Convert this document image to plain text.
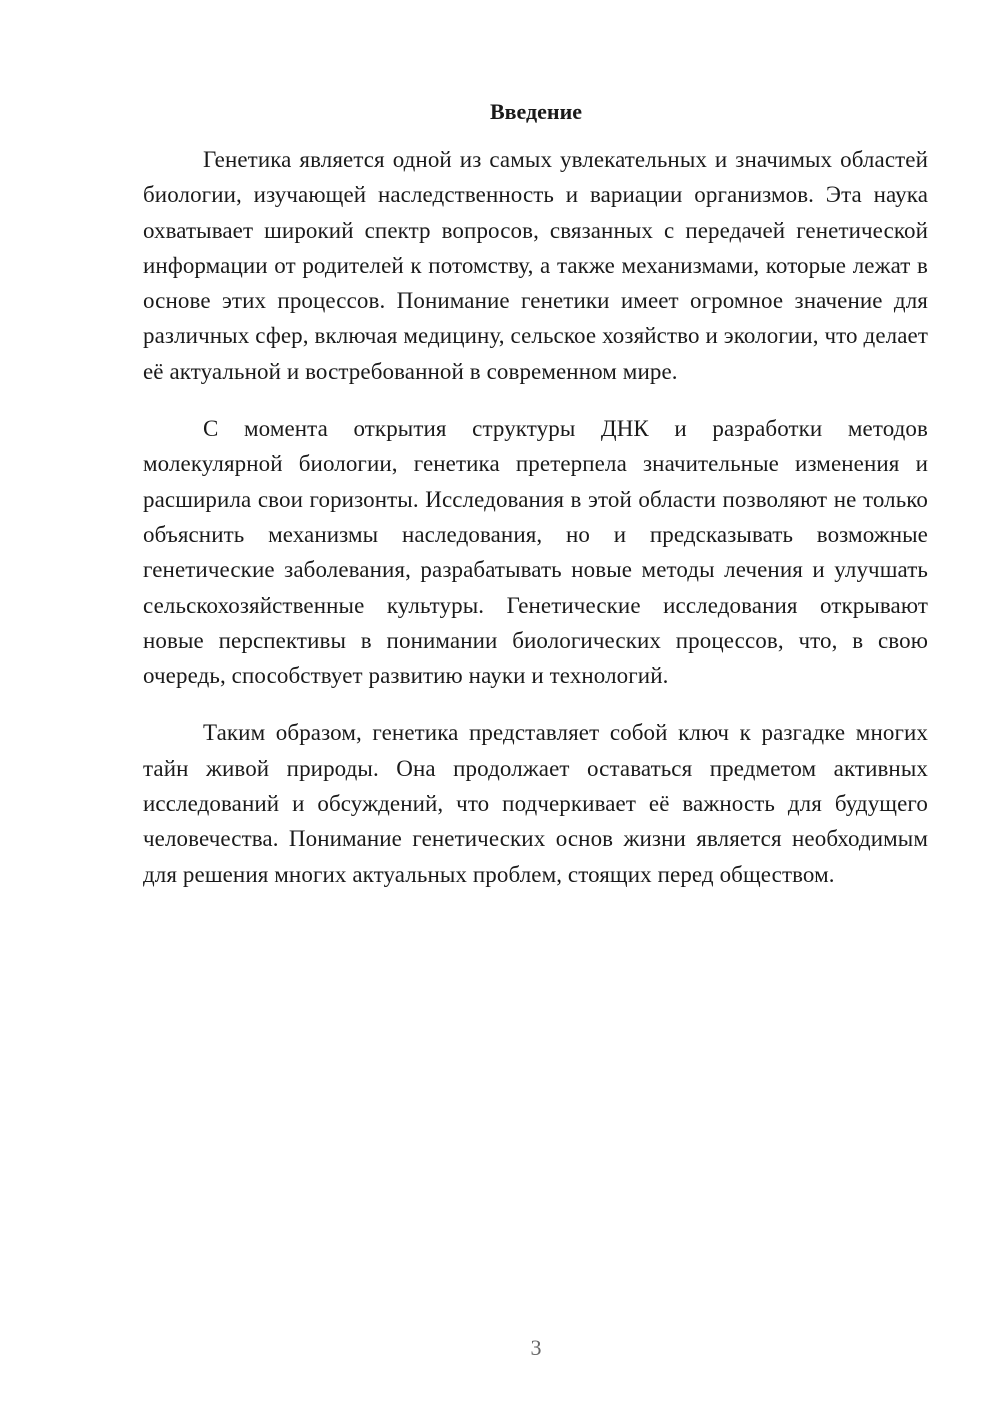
Введение

Генетика является одной из самых увлекательных и значимых областей биологии, изучающей наследственность и вариации организмов. Эта наука охватывает широкий спектр вопросов, связанных с передачей генетической информации от родителей к потомству, а также механизмами, которые лежат в основе этих процессов. Понимание генетики имеет огромное значение для различных сфер, включая медицину, сельское хозяйство и экологии, что делает её актуальной и востребованной в современном мире.

С момента открытия структуры ДНК и разработки методов молекулярной биологии, генетика претерпела значительные изменения и расширила свои горизонты. Исследования в этой области позволяют не только объяснить механизмы наследования, но и предсказывать возможные генетические заболевания, разрабатывать новые методы лечения и улучшать сельскохозяйственные культуры. Генетические исследования открывают новые перспективы в понимании биологических процессов, что, в свою очередь, способствует развитию науки и технологий.

Таким образом, генетика представляет собой ключ к разгадке многих тайн живой природы. Она продолжает оставаться предметом активных исследований и обсуждений, что подчеркивает её важность для будущего человечества. Понимание генетических основ жизни является необходимым для решения многих актуальных проблем, стоящих перед обществом.

3
